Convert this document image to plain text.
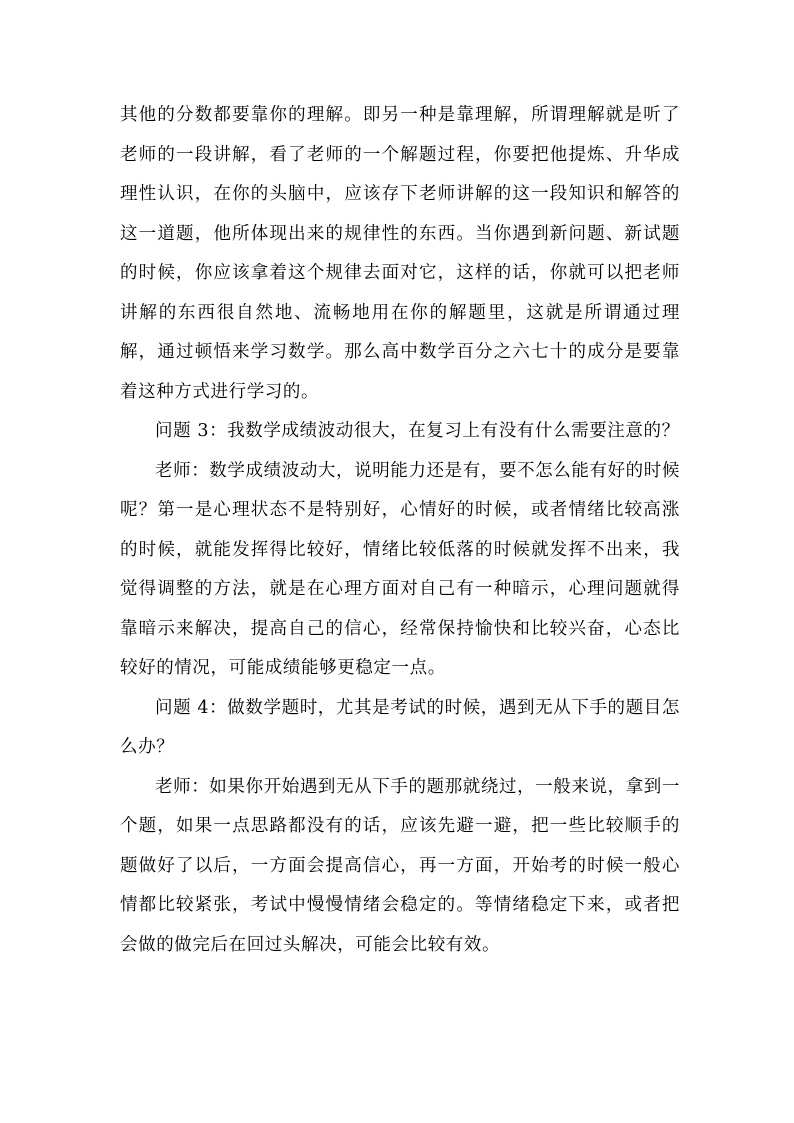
其他的分数都要靠你的理解。即另一种是靠理解，所谓理解就是听了老师的一段讲解，看了老师的一个解题过程，你要把他提炼、升华成理性认识，在你的头脑中，应该存下老师讲解的这一段知识和解答的这一道题，他所体现出来的规律性的东西。当你遇到新问题、新试题的时候，你应该拿着这个规律去面对它，这样的话，你就可以把老师讲解的东西很自然地、流畅地用在你的解题里，这就是所谓通过理解，通过顿悟来学习数学。那么高中数学百分之六七十的成分是要靠着这种方式进行学习的。

问题 3：我数学成绩波动很大，在复习上有没有什么需要注意的？

老师：数学成绩波动大，说明能力还是有，要不怎么能有好的时候呢？第一是心理状态不是特别好，心情好的时候，或者情绪比较高涨的时候，就能发挥得比较好，情绪比较低落的时候就发挥不出来，我觉得调整的方法，就是在心理方面对自己有一种暗示，心理问题就得靠暗示来解决，提高自己的信心，经常保持愉快和比较兴奋，心态比较好的情况，可能成绩能够更稳定一点。

问题 4：做数学题时，尤其是考试的时候，遇到无从下手的题目怎么办？

老师：如果你开始遇到无从下手的题那就绕过，一般来说，拿到一个题，如果一点思路都没有的话，应该先避一避，把一些比较顺手的题做好了以后，一方面会提高信心，再一方面，开始考的时候一般心情都比较紧张，考试中慢慢情绪会稳定的。等情绪稳定下来，或者把会做的做完后在回过头解决，可能会比较有效。
